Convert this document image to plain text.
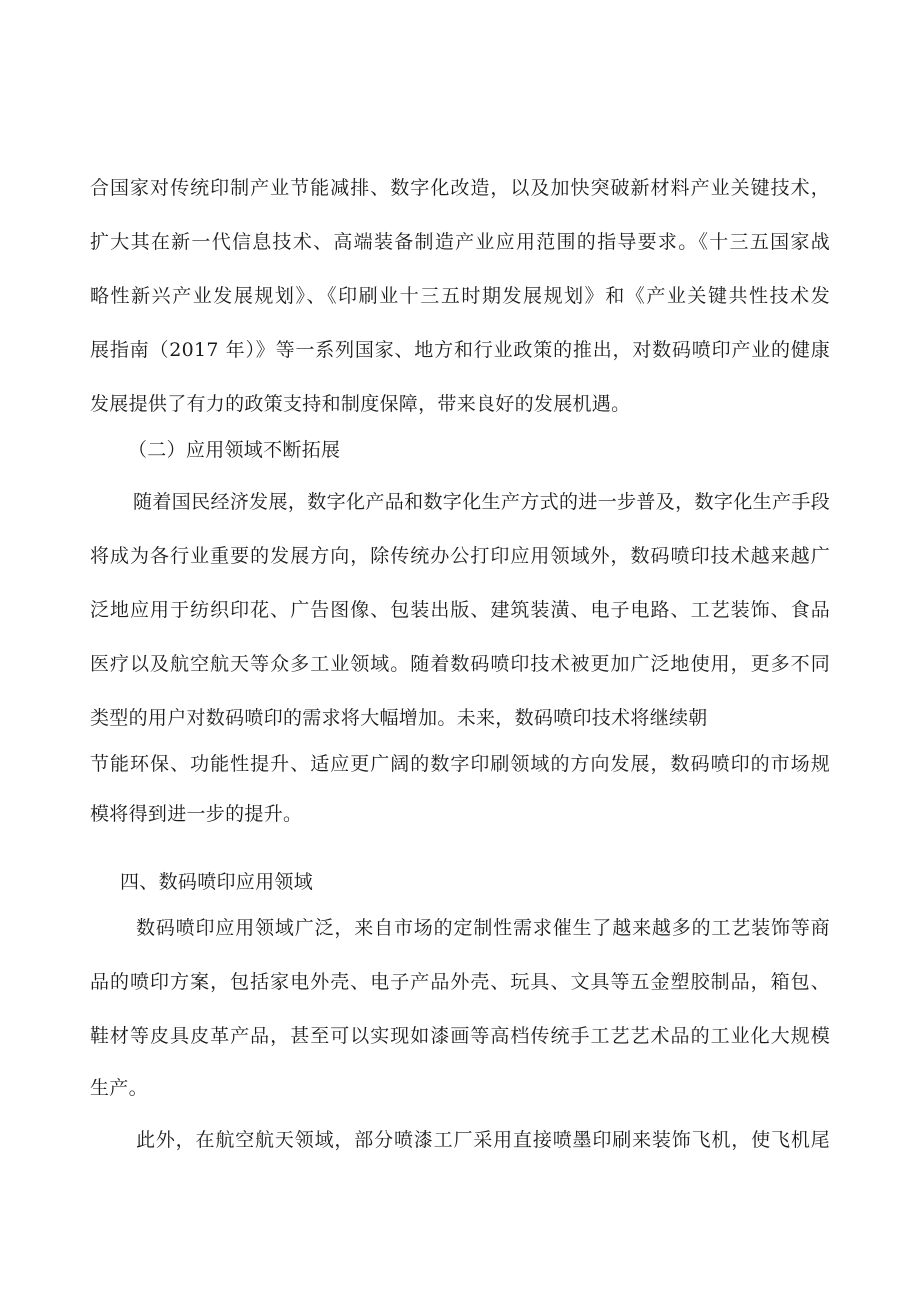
合国家对传统印制产业节能减排、数字化改造，以及加快突破新材料产业关键技术，
扩大其在新一代信息技术、高端装备制造产业应用范围的指导要求。《十三五国家战
略性新兴产业发展规划》、《印刷业十三五时期发展规划》和《产业关键共性技术发
展指南（2017 年）》等一系列国家、地方和行业政策的推出，对数码喷印产业的健康
发展提供了有力的政策支持和制度保障，带来良好的发展机遇。
（二）应用领域不断拓展
随着国民经济发展，数字化产品和数字化生产方式的进一步普及，数字化生产手段
将成为各行业重要的发展方向，除传统办公打印应用领域外，数码喷印技术越来越广
泛地应用于纺织印花、广告图像、包装出版、建筑装潢、电子电路、工艺装饰、食品
医疗以及航空航天等众多工业领域。随着数码喷印技术被更加广泛地使用，更多不同
类型的用户对数码喷印的需求将大幅增加。未来，数码喷印技术将继续朝
节能环保、功能性提升、适应更广阔的数字印刷领域的方向发展，数码喷印的市场规
模将得到进一步的提升。
四、数码喷印应用领域
数码喷印应用领域广泛，来自市场的定制性需求催生了越来越多的工艺装饰等商
品的喷印方案，包括家电外壳、电子产品外壳、玩具、文具等五金塑胶制品，箱包、
鞋材等皮具皮革产品，甚至可以实现如漆画等高档传统手工艺艺术品的工业化大规模
生产。
此外，在航空航天领域，部分喷漆工厂采用直接喷墨印刷来装饰飞机，使飞机尾
